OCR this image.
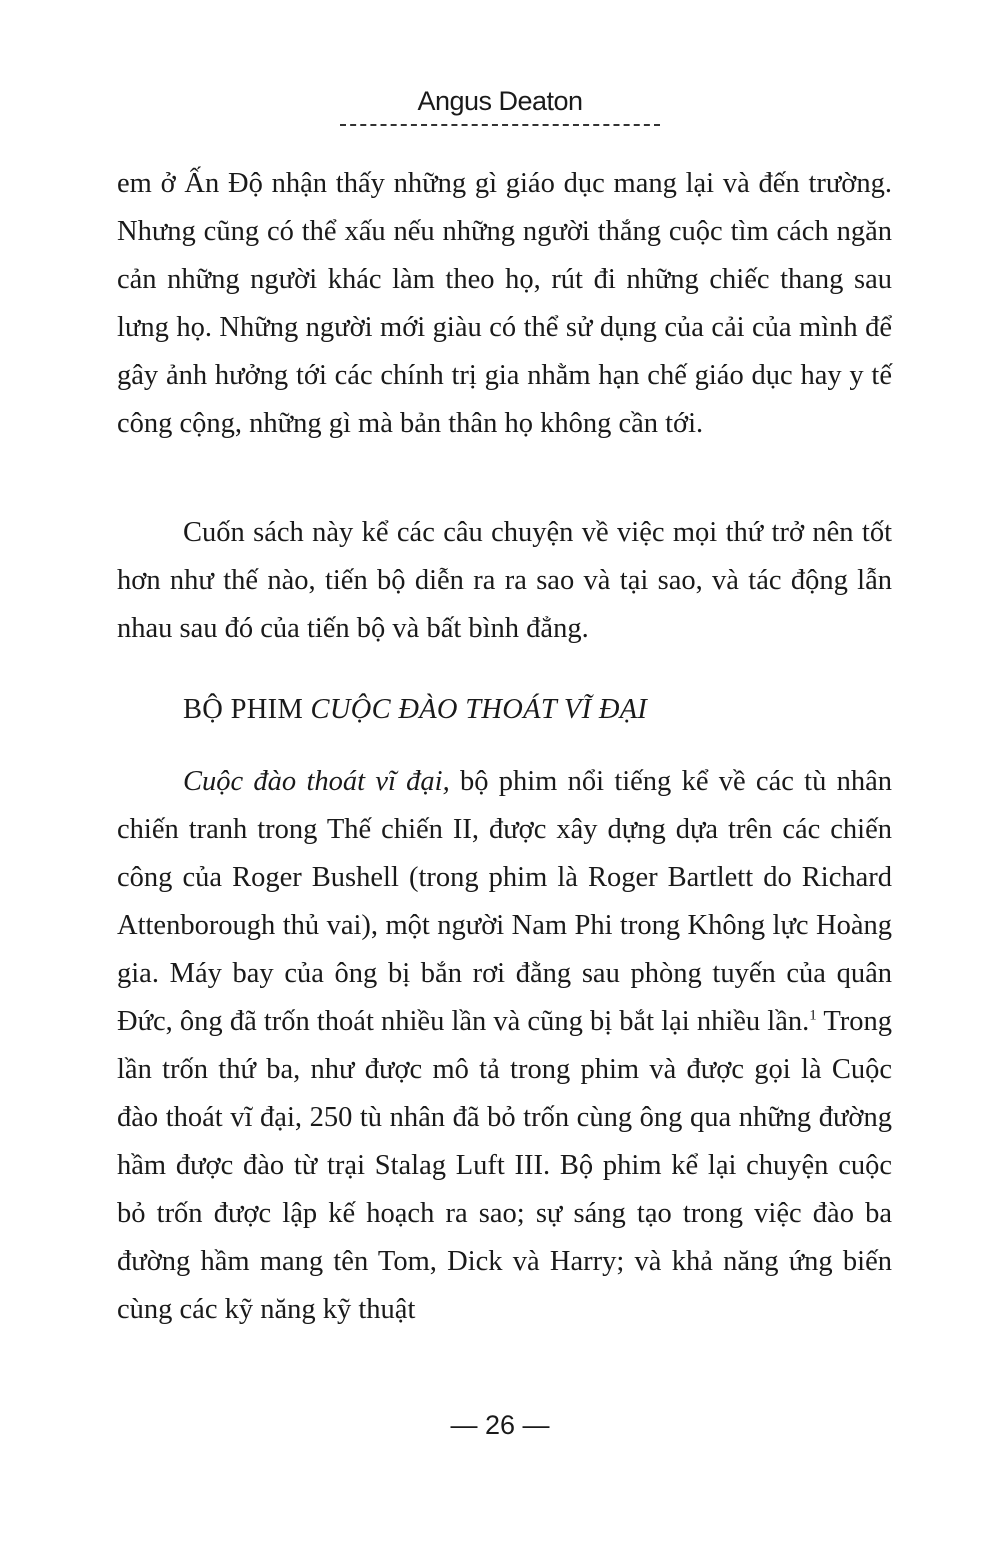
Angus Deaton

em ở Ấn Độ nhận thấy những gì giáo dục mang lại và đến trường. Nhưng cũng có thể xấu nếu những người thắng cuộc tìm cách ngăn cản những người khác làm theo họ, rút đi những chiếc thang sau lưng họ. Những người mới giàu có thể sử dụng của cải của mình để gây ảnh hưởng tới các chính trị gia nhằm hạn chế giáo dục hay y tế công cộng, những gì mà bản thân họ không cần tới.

Cuốn sách này kể các câu chuyện về việc mọi thứ trở nên tốt hơn như thế nào, tiến bộ diễn ra ra sao và tại sao, và tác động lẫn nhau sau đó của tiến bộ và bất bình đẳng.

BỘ PHIM CUỘC ĐÀO THOÁT VĨ ĐẠI

Cuộc đào thoát vĩ đại, bộ phim nổi tiếng kể về các tù nhân chiến tranh trong Thế chiến II, được xây dựng dựa trên các chiến công của Roger Bushell (trong phim là Roger Bartlett do Richard Attenborough thủ vai), một người Nam Phi trong Không lực Hoàng gia. Máy bay của ông bị bắn rơi đằng sau phòng tuyến của quân Đức, ông đã trốn thoát nhiều lần và cũng bị bắt lại nhiều lần.$^1$ Trong lần trốn thứ ba, như được mô tả trong phim và được gọi là Cuộc đào thoát vĩ đại, 250 tù nhân đã bỏ trốn cùng ông qua những đường hầm được đào từ trại Stalag Luft III. Bộ phim kể lại chuyện cuộc bỏ trốn được lập kế hoạch ra sao; sự sáng tạo trong việc đào ba đường hầm mang tên Tom, Dick và Harry; và khả năng ứng biến cùng các kỹ năng kỹ thuật

— 26 —
